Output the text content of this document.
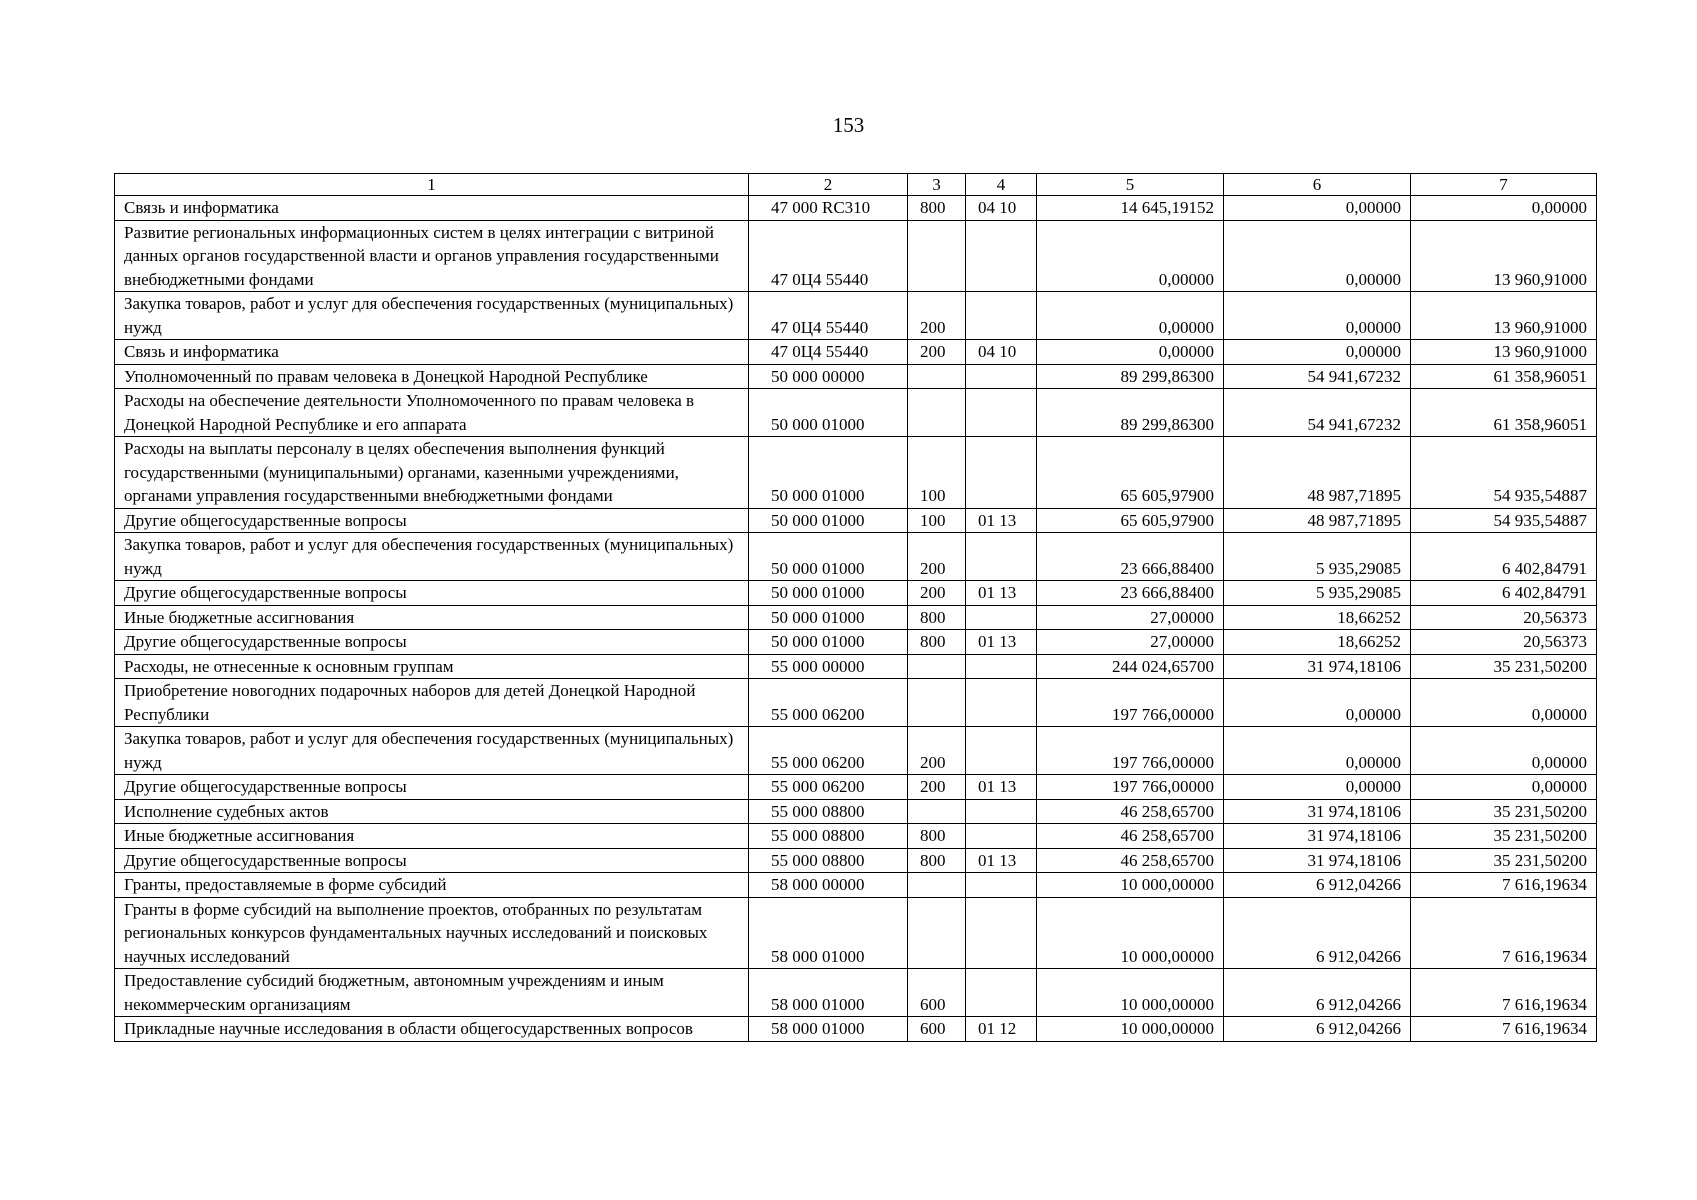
153
1	2	3	4	5	6	7
Связь и информатика	47 000 RC310	800	04 10	14 645,19152	0,00000	0,00000
Развитие региональных информационных систем в целях интеграции с витриной данных органов государственной власти и органов управления государственными внебюджетными фондами	47 0Ц4 55440			0,00000	0,00000	13 960,91000
Закупка товаров, работ и услуг для обеспечения государственных (муниципальных) нужд	47 0Ц4 55440	200		0,00000	0,00000	13 960,91000
Связь и информатика	47 0Ц4 55440	200	04 10	0,00000	0,00000	13 960,91000
Уполномоченный по правам человека в Донецкой Народной Республике	50 000 00000			89 299,86300	54 941,67232	61 358,96051
Расходы на обеспечение деятельности Уполномоченного по правам человека в Донецкой Народной Республике и его аппарата	50 000 01000			89 299,86300	54 941,67232	61 358,96051
Расходы на выплаты персоналу в целях обеспечения выполнения функций государственными (муниципальными) органами, казенными учреждениями, органами управления государственными внебюджетными фондами	50 000 01000	100		65 605,97900	48 987,71895	54 935,54887
Другие общегосударственные вопросы	50 000 01000	100	01 13	65 605,97900	48 987,71895	54 935,54887
Закупка товаров, работ и услуг для обеспечения государственных (муниципальных) нужд	50 000 01000	200		23 666,88400	5 935,29085	6 402,84791
Другие общегосударственные вопросы	50 000 01000	200	01 13	23 666,88400	5 935,29085	6 402,84791
Иные бюджетные ассигнования	50 000 01000	800		27,00000	18,66252	20,56373
Другие общегосударственные вопросы	50 000 01000	800	01 13	27,00000	18,66252	20,56373
Расходы, не отнесенные к основным группам	55 000 00000			244 024,65700	31 974,18106	35 231,50200
Приобретение новогодних подарочных наборов для детей Донецкой Народной Республики	55 000 06200			197 766,00000	0,00000	0,00000
Закупка товаров, работ и услуг для обеспечения государственных (муниципальных) нужд	55 000 06200	200		197 766,00000	0,00000	0,00000
Другие общегосударственные вопросы	55 000 06200	200	01 13	197 766,00000	0,00000	0,00000
Исполнение судебных актов	55 000 08800			46 258,65700	31 974,18106	35 231,50200
Иные бюджетные ассигнования	55 000 08800	800		46 258,65700	31 974,18106	35 231,50200
Другие общегосударственные вопросы	55 000 08800	800	01 13	46 258,65700	31 974,18106	35 231,50200
Гранты, предоставляемые в форме субсидий	58 000 00000			10 000,00000	6 912,04266	7 616,19634
Гранты в форме субсидий на выполнение проектов, отобранных по результатам региональных конкурсов фундаментальных научных исследований и поисковых научных исследований	58 000 01000			10 000,00000	6 912,04266	7 616,19634
Предоставление субсидий бюджетным, автономным учреждениям и иным некоммерческим организациям	58 000 01000	600		10 000,00000	6 912,04266	7 616,19634
Прикладные научные исследования в области общегосударственных вопросов	58 000 01000	600	01 12	10 000,00000	6 912,04266	7 616,19634
